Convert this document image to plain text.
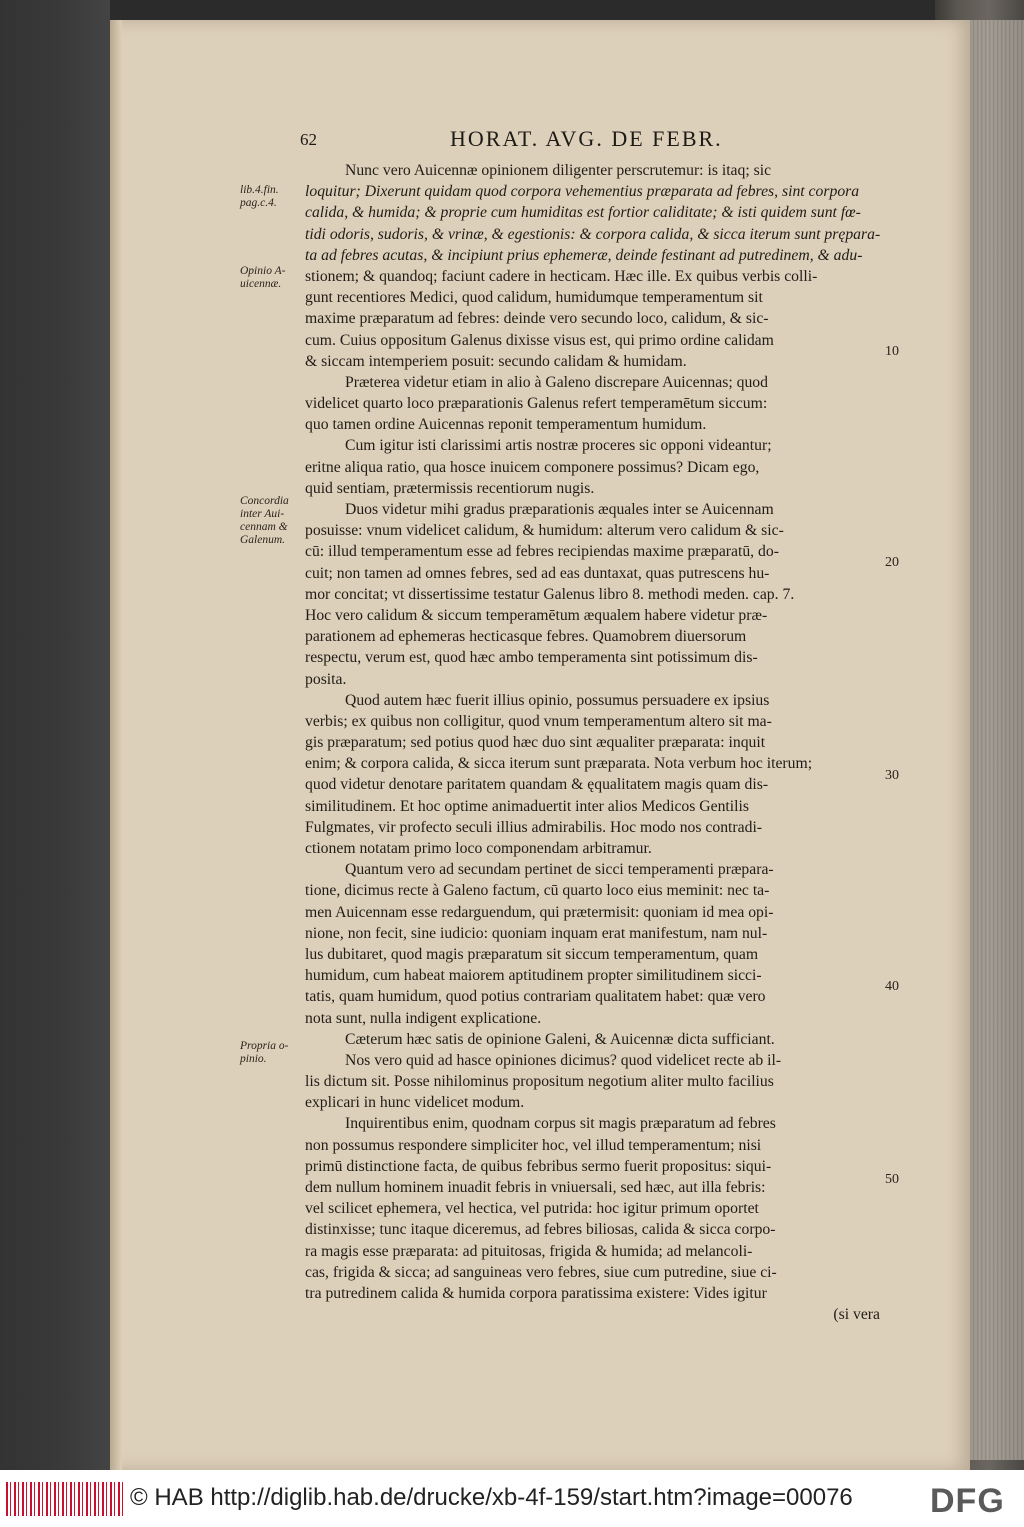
62	HORAT. AVG. DE FEBR.
lib.4.fin. pag.c.4.
Opinio A- uicennæ.
Concordia inter Aui- cennam & Galenum.
Propria o- pinio.
10
20
30
40
50
Nunc vero Auicennæ opinionem diligenter perscrutemur: is itaq; sic
loquitur; Dixerunt quidam quod corpora vehementius præparata ad febres, sint corpora
calida, & humida; & proprie cum humiditas est fortior caliditate; & isti quidem sunt fœ-
tidi odoris, sudoris, & vrinæ, & egestionis: & corpora calida, & sicca iterum sunt prępara-
ta ad febres acutas, & incipiunt prius ephemeræ, deinde festinant ad putredinem, & adu-
stionem; & quandoq; faciunt cadere in hecticam. Hæc ille. Ex quibus verbis colli-
gunt recentiores Medici, quod calidum, humidumque temperamentum sit
maxime præparatum ad febres: deinde vero secundo loco, calidum, & sic-
cum. Cuius oppositum Galenus dixisse visus est, qui primo ordine calidam
& siccam intemperiem posuit: secundo calidam & humidam.
Præterea videtur etiam in alio à Galeno discrepare Auicennas; quod
videlicet quarto loco præparationis Galenus refert temperamētum siccum:
quo tamen ordine Auicennas reponit temperamentum humidum.
Cum igitur isti clarissimi artis nostræ proceres sic opponi videantur;
eritne aliqua ratio, qua hosce inuicem componere possimus? Dicam ego,
quid sentiam, prætermissis recentiorum nugis.
Duos videtur mihi gradus præparationis æquales inter se Auicennam
posuisse: vnum videlicet calidum, & humidum: alterum vero calidum & sic-
cū: illud temperamentum esse ad febres recipiendas maxime præparatū, do-
cuit; non tamen ad omnes febres, sed ad eas duntaxat, quas putrescens hu-
mor concitat; vt dissertissime testatur Galenus libro 8. methodi meden. cap. 7.
Hoc vero calidum & siccum temperamētum æqualem habere videtur præ-
parationem ad ephemeras hecticasque febres. Quamobrem diuersorum
respectu, verum est, quod hæc ambo temperamenta sint potissimum dis-
posita.
Quod autem hæc fuerit illius opinio, possumus persuadere ex ipsius
verbis; ex quibus non colligitur, quod vnum temperamentum altero sit ma-
gis præparatum; sed potius quod hæc duo sint æqualiter præparata: inquit
enim; & corpora calida, & sicca iterum sunt præparata. Nota verbum hoc iterum;
quod videtur denotare paritatem quandam & ęqualitatem magis quam dis-
similitudinem. Et hoc optime animaduertit inter alios Medicos Gentilis
Fulgmates, vir profecto seculi illius admirabilis. Hoc modo nos contradi-
ctionem notatam primo loco componendam arbitramur.
Quantum vero ad secundam pertinet de sicci temperamenti præpara-
tione, dicimus recte à Galeno factum, cū quarto loco eius meminit: nec ta-
men Auicennam esse redarguendum, qui prætermisit: quoniam id mea opi-
nione, non fecit, sine iudicio: quoniam inquam erat manifestum, nam nul-
lus dubitaret, quod magis præparatum sit siccum temperamentum, quam
humidum, cum habeat maiorem aptitudinem propter similitudinem sicci-
tatis, quam humidum, quod potius contrariam qualitatem habet: quæ vero
nota sunt, nulla indigent explicatione.
Cæterum hæc satis de opinione Galeni, & Auicennæ dicta sufficiant.
Nos vero quid ad hasce opiniones dicimus? quod videlicet recte ab il-
lis dictum sit. Posse nihilominus propositum negotium aliter multo facilius
explicari in hunc videlicet modum.
Inquirentibus enim, quodnam corpus sit magis præparatum ad febres
non possumus respondere simpliciter hoc, vel illud temperamentum; nisi
primū distinctione facta, de quibus febribus sermo fuerit propositus: siqui-
dem nullum hominem inuadit febris in vniuersali, sed hæc, aut illa febris:
vel scilicet ephemera, vel hectica, vel putrida: hoc igitur primum oportet
distinxisse; tunc itaque diceremus, ad febres biliosas, calida & sicca corpo-
ra magis esse præparata: ad pituitosas, frigida & humida; ad melancoli-
cas, frigida & sicca; ad sanguineas vero febres, siue cum putredine, siue ci-
tra putredinem calida & humida corpora paratissima existere: Vides igitur
(si vera
© HAB http://diglib.hab.de/drucke/xb-4f-159/start.htm?image=00076 DFG
